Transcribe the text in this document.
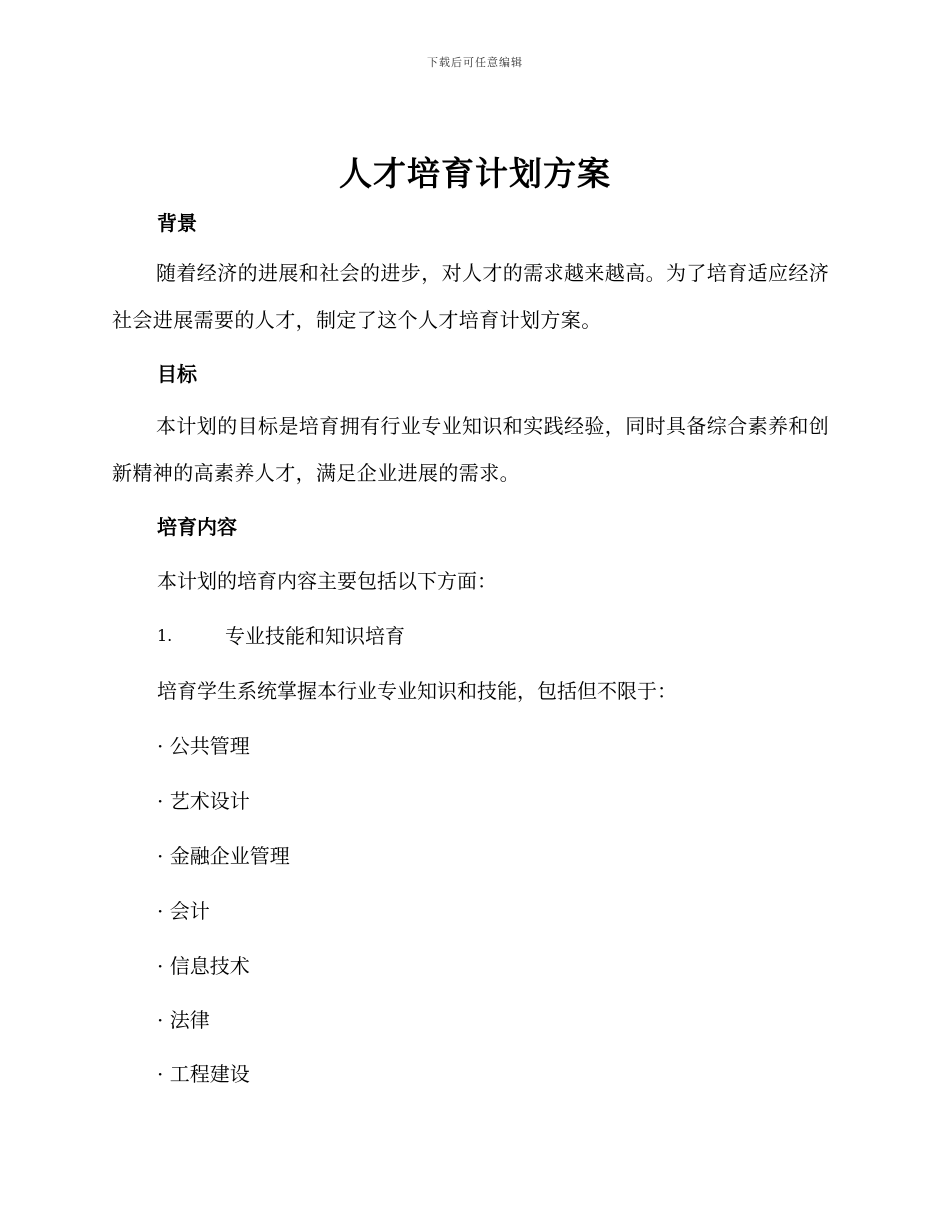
下载后可任意编辑
人才培育计划方案
背景
随着经济的进展和社会的进步，对人才的需求越来越高。为了培育适应经济社会进展需要的人才，制定了这个人才培育计划方案。
目标
本计划的目标是培育拥有行业专业知识和实践经验，同时具备综合素养和创新精神的高素养人才，满足企业进展的需求。
培育内容
本计划的培育内容主要包括以下方面：
1.	专业技能和知识培育
培育学生系统掌握本行业专业知识和技能，包括但不限于：
· 公共管理
· 艺术设计
· 金融企业管理
· 会计
· 信息技术
· 法律
· 工程建设
